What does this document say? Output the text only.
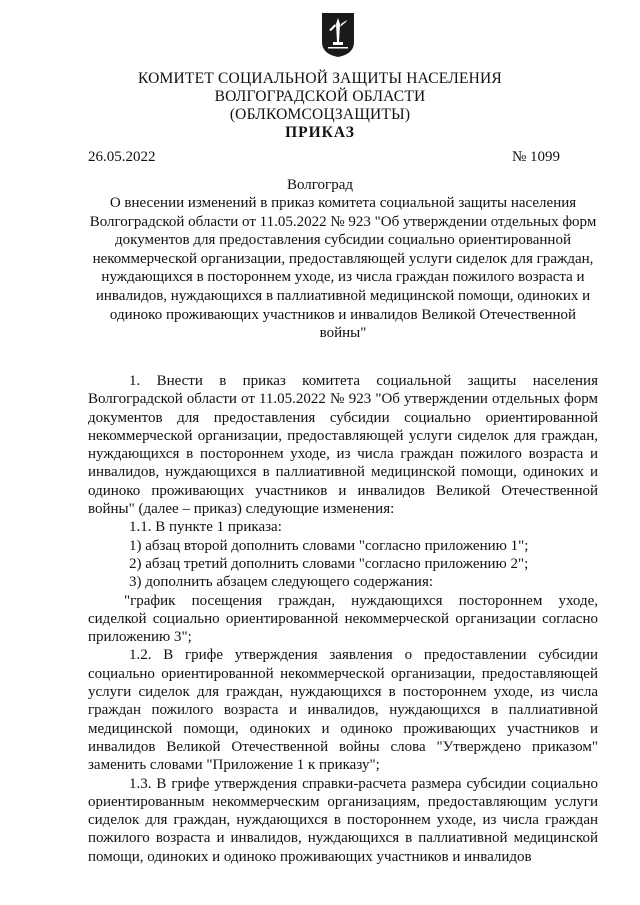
КОМИТЕТ СОЦИАЛЬНОЙ ЗАЩИТЫ НАСЕЛЕНИЯ
ВОЛГОГРАДСКОЙ ОБЛАСТИ
(ОБЛКОМСОЦЗАЩИТЫ)
ПРИКАЗ
26.05.2022	№ 1099
Волгоград
О внесении изменений в приказ комитета социальной защиты населения Волгоградской области от 11.05.2022 № 923 "Об утверждении отдельных форм документов для предоставления субсидии социально ориентированной некоммерческой организации, предоставляющей услуги сиделок для граждан, нуждающихся в постороннем уходе, из числа граждан пожилого возраста и инвалидов, нуждающихся в паллиативной медицинской помощи, одиноких и одиноко проживающих участников и инвалидов Великой Отечественной войны"

1. Внести в приказ комитета социальной защиты населения Волгоградской области от 11.05.2022 № 923 "Об утверждении отдельных форм документов для предоставления субсидии социально ориентированной некоммерческой организации, предоставляющей услуги сиделок для граждан, нуждающихся в постороннем уходе, из числа граждан пожилого возраста и инвалидов, нуждающихся в паллиативной медицинской помощи, одиноких и одиноко проживающих участников и инвалидов Великой Отечественной войны" (далее – приказ) следующие изменения:

1.1. В пункте 1 приказа:

1) абзац второй дополнить словами "согласно приложению 1";

2) абзац третий дополнить словами "согласно приложению 2";

3) дополнить абзацем следующего содержания:

"график посещения граждан, нуждающихся постороннем уходе, сиделкой социально ориентированной некоммерческой организации согласно приложению 3";

1.2. В грифе утверждения заявления о предоставлении субсидии социально ориентированной некоммерческой организации, предоставляющей услуги сиделок для граждан, нуждающихся в постороннем уходе, из числа граждан пожилого возраста и инвалидов, нуждающихся в паллиативной медицинской помощи, одиноких и одиноко проживающих участников и инвалидов Великой Отечественной войны слова "Утверждено приказом" заменить словами "Приложение 1 к приказу";

1.3. В грифе утверждения справки-расчета размера субсидии социально ориентированным некоммерческим организациям, предоставляющим услуги сиделок для граждан, нуждающихся в постороннем уходе, из числа граждан пожилого возраста и инвалидов, нуждающихся в паллиативной медицинской помощи, одиноких и одиноко проживающих участников и инвалидов
